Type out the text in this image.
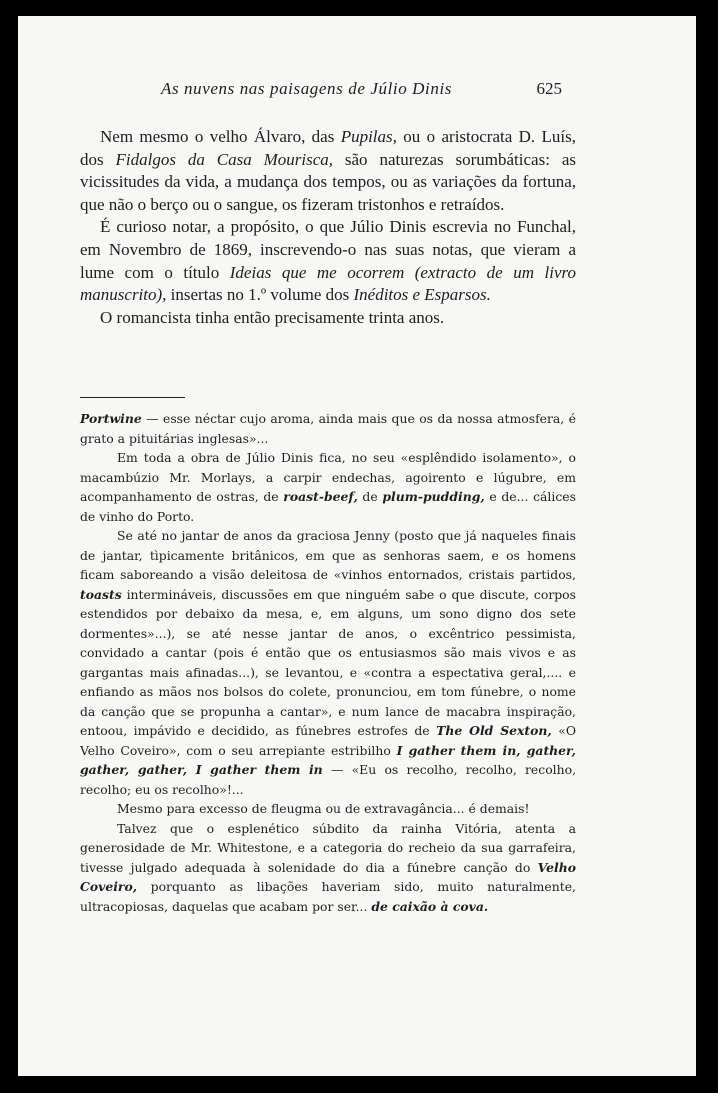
As nuvens nas paisagens de Júlio Dinis	625

Nem mesmo o velho Álvaro, das Pupilas, ou o aristocrata D. Luís, dos Fidalgos da Casa Mourisca, são naturezas sorumbáticas: as vicissitudes da vida, a mudança dos tempos, ou as variações da fortuna, que não o berço ou o sangue, os fizeram tristonhos e retraídos.

É curioso notar, a propósito, o que Júlio Dinis escrevia no Funchal, em Novembro de 1869, inscrevendo-o nas suas notas, que vieram a lume com o título Ideias que me ocorrem (extracto de um livro manuscrito), insertas no 1.º volume dos Inéditos e Esparsos.

O romancista tinha então precisamente trinta anos.

Portwine — esse néctar cujo aroma, ainda mais que os da nossa atmosfera, é grato a pituitárias inglesas»...

Em toda a obra de Júlio Dinis fica, no seu «esplêndido isolamento», o macambúzio Mr. Morlays, a carpir endechas, agoirento e lúgubre, em acompanhamento de ostras, de roast-beef, de plum-pudding, e de... cálices de vinho do Porto.

Se até no jantar de anos da graciosa Jenny (posto que já naqueles finais de jantar, tìpicamente britânicos, em que as senhoras saem, e os homens ficam saboreando a visão deleitosa de «vinhos entornados, cristais partidos, toasts intermináveis, discussões em que ninguém sabe o que discute, corpos estendidos por debaixo da mesa, e, em alguns, um sono digno dos sete dormentes»...), se até nesse jantar de anos, o excêntrico pessimista, convidado a cantar (pois é então que os entusiasmos são mais vivos e as gargantas mais afinadas...), se levantou, e «contra a espectativa geral,.... e enfiando as mãos nos bolsos do colete, pronunciou, em tom fúnebre, o nome da canção que se propunha a cantar», e num lance de macabra inspiração, entoou, impávido e decidido, as fúnebres estrofes de The Old Sexton, «O Velho Coveiro», com o seu arrepiante estribilho I gather them in, gather, gather, gather, I gather them in — «Eu os recolho, recolho, recolho, recolho; eu os recolho»!...

Mesmo para excesso de fleugma ou de extravagância... é demais!

Talvez que o esplenético súbdito da rainha Vitória, atenta a generosidade de Mr. Whitestone, e a categoria do recheio da sua garrafeira, tivesse julgado adequada à solenidade do dia a fúnebre canção do Velho Coveiro, porquanto as libações haveriam sido, muito naturalmente, ultracopiosas, daquelas que acabam por ser... de caixão à cova.
